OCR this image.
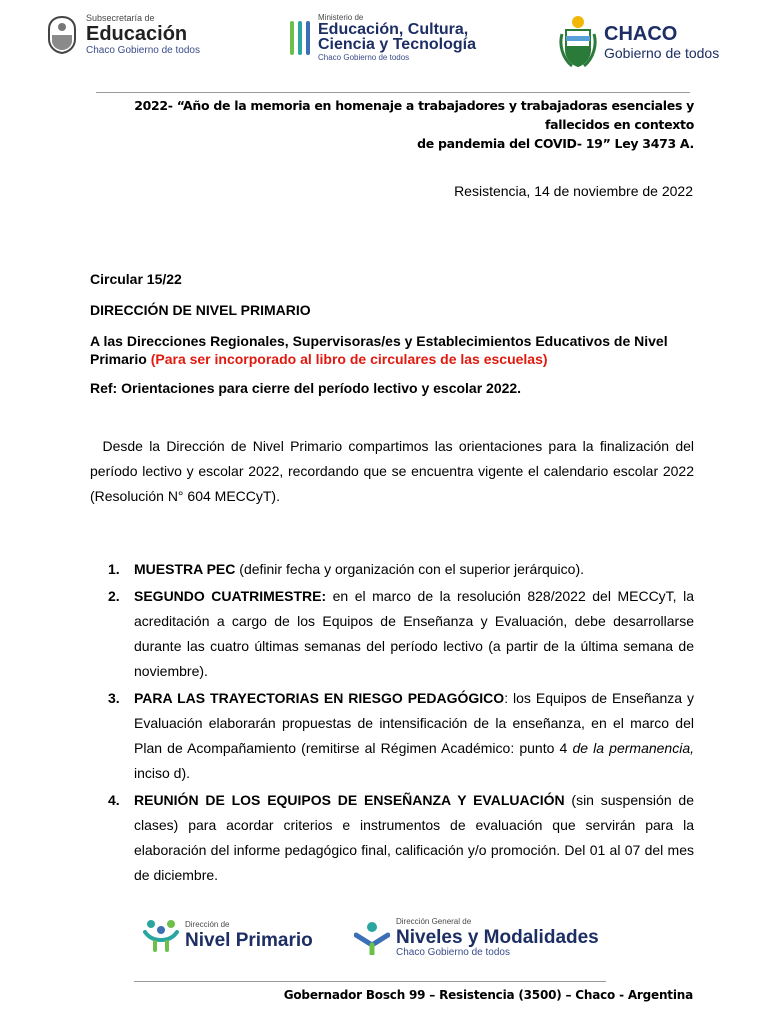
Subsecretaría de
Educación
Chaco Gobierno de todos
Ministerio de
Educación, Cultura,
Ciencia y Tecnología
Chaco Gobierno de todos
CHACO
Gobierno de todos
2022- “Año de la memoria en homenaje a trabajadores y trabajadoras esenciales y fallecidos en contexto
de pandemia del COVID- 19” Ley 3473 A.
Resistencia, 14 de noviembre de 2022
Circular 15/22
DIRECCIÓN DE NIVEL PRIMARIO
A las Direcciones Regionales, Supervisoras/es y Establecimientos Educativos de Nivel Primario (Para ser incorporado al libro de circulares de las escuelas)
Ref: Orientaciones para cierre del período lectivo y escolar 2022.
Desde la Dirección de Nivel Primario compartimos las orientaciones para la finalización del período lectivo y escolar 2022, recordando que se encuentra vigente el calendario escolar 2022 (Resolución N° 604 MECCyT).
1. MUESTRA PEC (definir fecha y organización con el superior jerárquico).
2. SEGUNDO CUATRIMESTRE: en el marco de la resolución 828/2022 del MECCyT, la acreditación a cargo de los Equipos de Enseñanza y Evaluación, debe desarrollarse durante las cuatro últimas semanas del período lectivo (a partir de la última semana de noviembre).
3. PARA LAS TRAYECTORIAS EN RIESGO PEDAGÓGICO: los Equipos de Enseñanza y Evaluación elaborarán propuestas de intensificación de la enseñanza, en el marco del Plan de Acompañamiento (remitirse al Régimen Académico: punto 4 de la permanencia, inciso d).
4. REUNIÓN DE LOS EQUIPOS DE ENSEÑANZA Y EVALUACIÓN (sin suspensión de clases) para acordar criterios e instrumentos de evaluación que servirán para la elaboración del informe pedagógico final, calificación y/o promoción. Del 01 al 07 del mes de diciembre.
Dirección de
Nivel Primario
Dirección General de
Niveles y Modalidades
Chaco Gobierno de todos
Gobernador Bosch 99 – Resistencia (3500) – Chaco - Argentina
